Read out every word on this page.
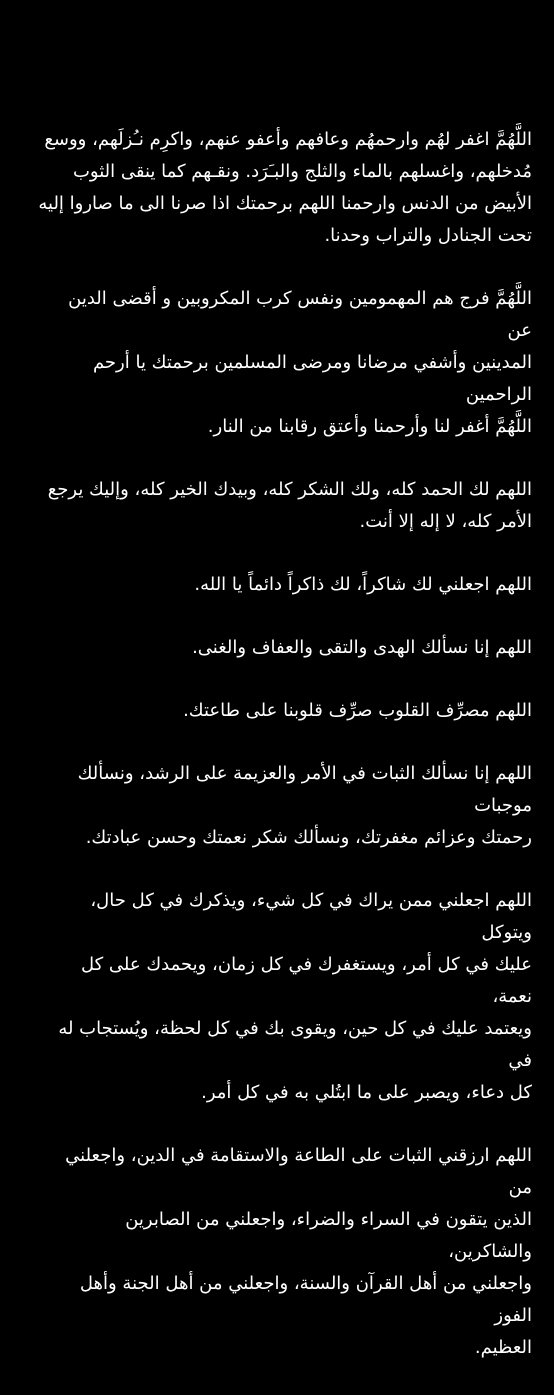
اللَّهُمَّ اغفر لهُم وارحمهُم وعافهم وأعفو عنهم، واكرِم نـُزلَهم، ووسع
مُدخلهم، واغسلهم بالماء والثلج والبـَرَد. ونقـهم كما ينقى الثوب
الأبيض من الدنس وارحمنا اللهم برحمتك اذا صرنا الى ما صاروا إليه
تحت الجنادل والتراب وحدنا.

اللَّهُمَّ فرج هم المهمومين ونفس كرب المكروبين و أقضى الدين عن
المدينين وأشفي مرضانا ومرضى المسلمين برحمتك يا أرحم الراحمين
اللَّهُمَّ أغفر لنا وأرحمنا وأعتق رقابنا من النار.

اللهم لك الحمد كله، ولك الشكر كله، وبيدك الخير كله، وإليك يرجع
الأمر كله، لا إله إلا أنت.

اللهم اجعلني لك شاكراً، لك ذاكراً دائماً يا الله.

اللهم إنا نسألك الهدى والتقى والعفاف والغنى.

اللهم مصرِّف القلوب صرِّف قلوبنا على طاعتك.

اللهم إنا نسألك الثبات في الأمر والعزيمة على الرشد، ونسألك موجبات
رحمتك وعزائم مغفرتك، ونسألك شكر نعمتك وحسن عبادتك.

اللهم اجعلني ممن يراك في كل شيء، ويذكرك في كل حال، ويتوكل
عليك في كل أمر، ويستغفرك في كل زمان، ويحمدك على كل نعمة،
ويعتمد عليك في كل حين، ويقوى بك في كل لحظة، ويُستجاب له في
كل دعاء، ويصبر على ما ابتُلي به في كل أمر.

اللهم ارزقني الثبات على الطاعة والاستقامة في الدين، واجعلني من
الذين يتقون في السراء والضراء، واجعلني من الصابرين والشاكرين،
واجعلني من أهل القرآن والسنة، واجعلني من أهل الجنة وأهل الفوز
العظيم.
